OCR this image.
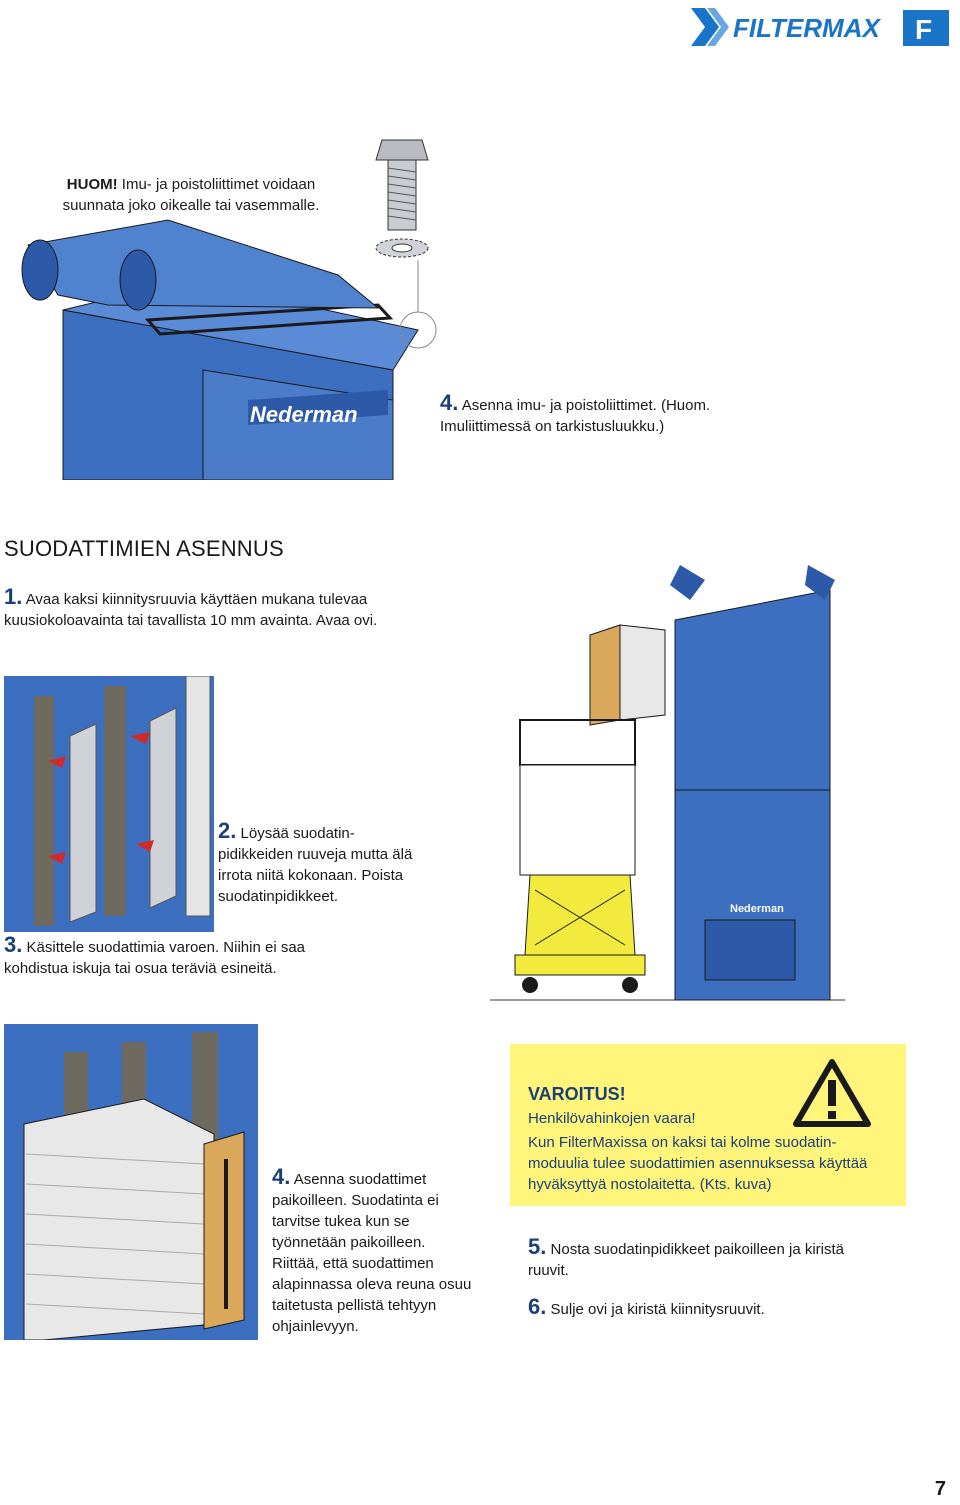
FILTERMAX F
HUOM! Imu- ja poistoliittimet voidaan suunnata joko oikealle tai vasemmalle.
Nederman	4. Asenna imu- ja poistoliittimet. (Huom. Imuliittimessä on tarkistusluukku.)
SUODATTIMIEN ASENNUS
1. Avaa kaksi kiinnitysruuvia käyttäen mukana tulevaa kuusiokoloavainta tai tavallista 10 mm avainta. Avaa ovi.
2. Löysää suodatin-pidikkeiden ruuveja mutta älä irrota niitä kokonaan. Poista suodatinpidikkeet.
3. Käsittele suodattimia varoen. Niihin ei saa kohdistua iskuja tai osua teräviä esineitä.
Nederman
4. Asenna suodattimet paikoilleen. Suodatinta ei tarvitse tukea kun se työnnetään paikoilleen. Riittää, että suodattimen alapinnassa oleva reuna osuu taitetusta pellistä tehtyyn ohjainlevyyn.
VAROITUS!
Henkilövahinkojen vaara!
Kun FilterMaxissa on kaksi tai kolme suodatin-moduulia tulee suodattimien asennuksessa käyttää hyväksyttyä nostolaitetta. (Kts. kuva)
5. Nosta suodatinpidikkeet paikoilleen ja kiristä ruuvit.
6. Sulje ovi ja kiristä kiinnitysruuvit.
7
